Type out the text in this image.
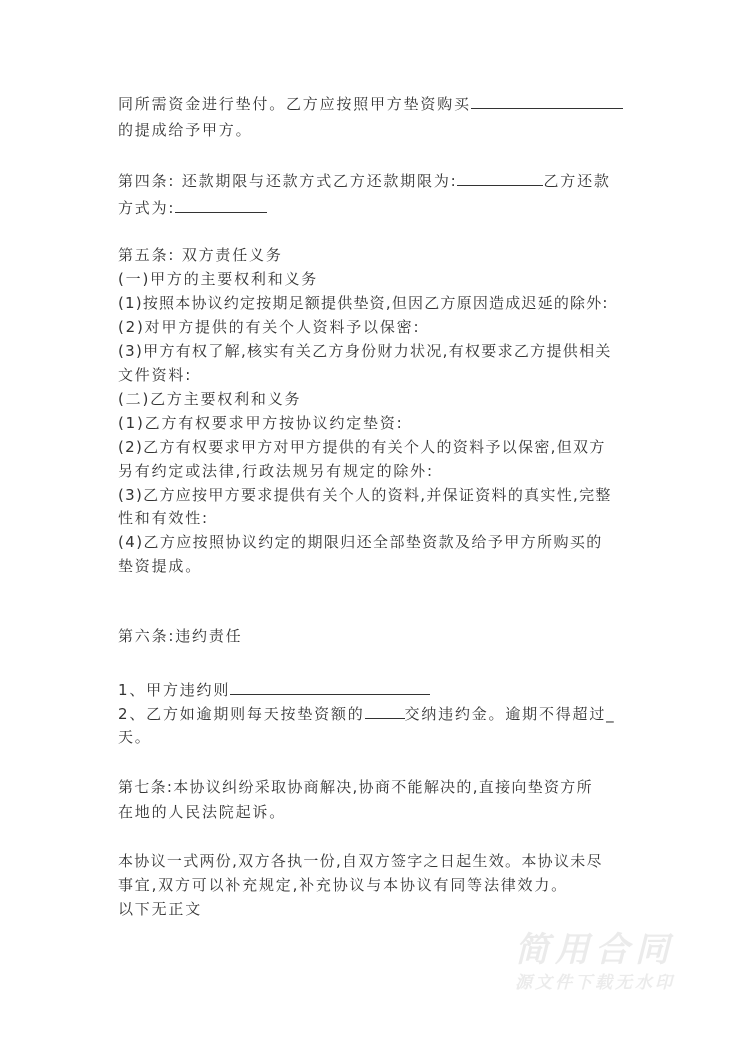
同所需资金进行垫付。乙方应按照甲方垫资购买
的提成给予甲方。
第四条: 还款期限与还款方式乙方还款期限为:	乙方还款
方式为:
第五条: 双方责任义务
(一)甲方的主要权利和义务
(1)按照本协议约定按期足额提供垫资,但因乙方原因造成迟延的除外:
(2)对甲方提供的有关个人资料予以保密:
(3)甲方有权了解,核实有关乙方身份财力状况,有权要求乙方提供相关
文件资料:
(二)乙方主要权利和义务
(1)乙方有权要求甲方按协议约定垫资:
(2)乙方有权要求甲方对甲方提供的有关个人的资料予以保密,但双方
另有约定或法律,行政法规另有规定的除外:
(3)乙方应按甲方要求提供有关个人的资料,并保证资料的真实性,完整
性和有效性:
(4)乙方应按照协议约定的期限归还全部垫资款及给予甲方所购买的
垫资提成。
第六条:违约责任
1、甲方违约则
2、乙方如逾期则每天按垫资额的	交纳违约金。逾期不得超过_
天。
第七条:本协议纠纷采取协商解决,协商不能解决的,直接向垫资方所
在地的人民法院起诉。
本协议一式两份,双方各执一份,自双方签字之日起生效。本协议未尽
事宜,双方可以补充规定,补充协议与本协议有同等法律效力。
以下无正文
简用合同
源文件下载无水印
